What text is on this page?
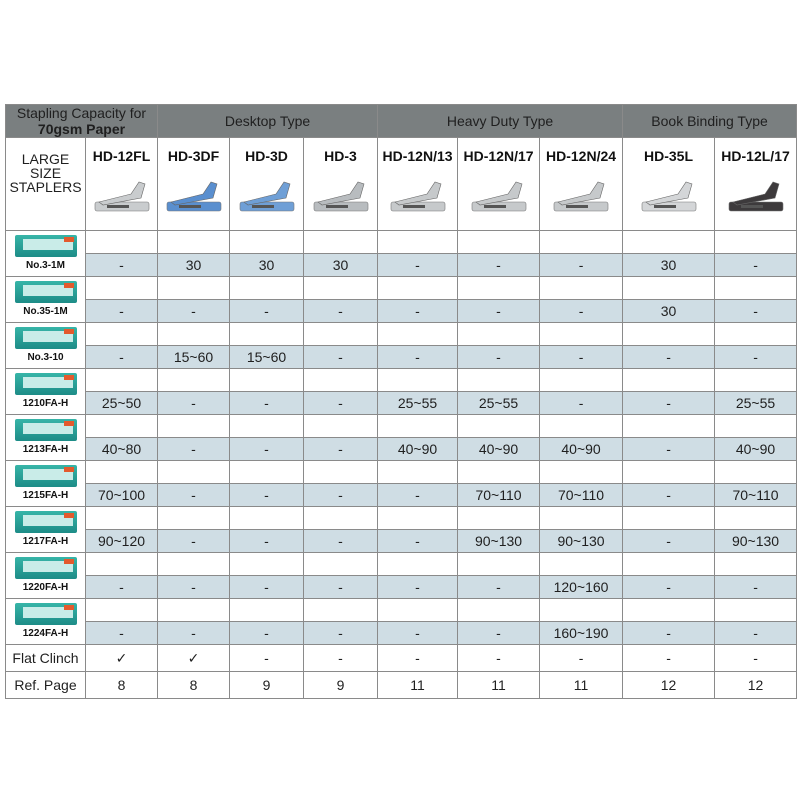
Stapling Capacity for 70gsm Paper		Desktop Type			Heavy Duty Type			Book Binding Type	

LARGE
SIZE
STAPLERS	HD-12FL	HD-3DF	HD-3D	HD-3	HD-12N/13	HD-12N/17	HD-12N/24	HD-35L	HD-12L/17

No.3-1M									

	-	30	30	30	-	-	-	30	-

No.35-1M									

	-	-	-	-	-	-	-	30	-

No.3-10									

	-	15~60	15~60	-	-	-	-	-	-

1210FA-H									

	25~50	-	-	-	25~55	25~55	-	-	25~55

1213FA-H									

	40~80	-	-	-	40~90	40~90	40~90	-	40~90

1215FA-H									

	70~100	-	-	-	-	70~110	70~110	-	70~110

1217FA-H									

	90~120	-	-	-	-	90~130	90~130	-	90~130

1220FA-H									

	-	-	-	-	-	-	120~160	-	-

1224FA-H									

	-	-	-	-	-	-	160~190	-	-
Flat Clinch	✓	✓	-	-	-	-	-	-	-
Ref. Page	8	8	9	9	11	11	11	12	12
